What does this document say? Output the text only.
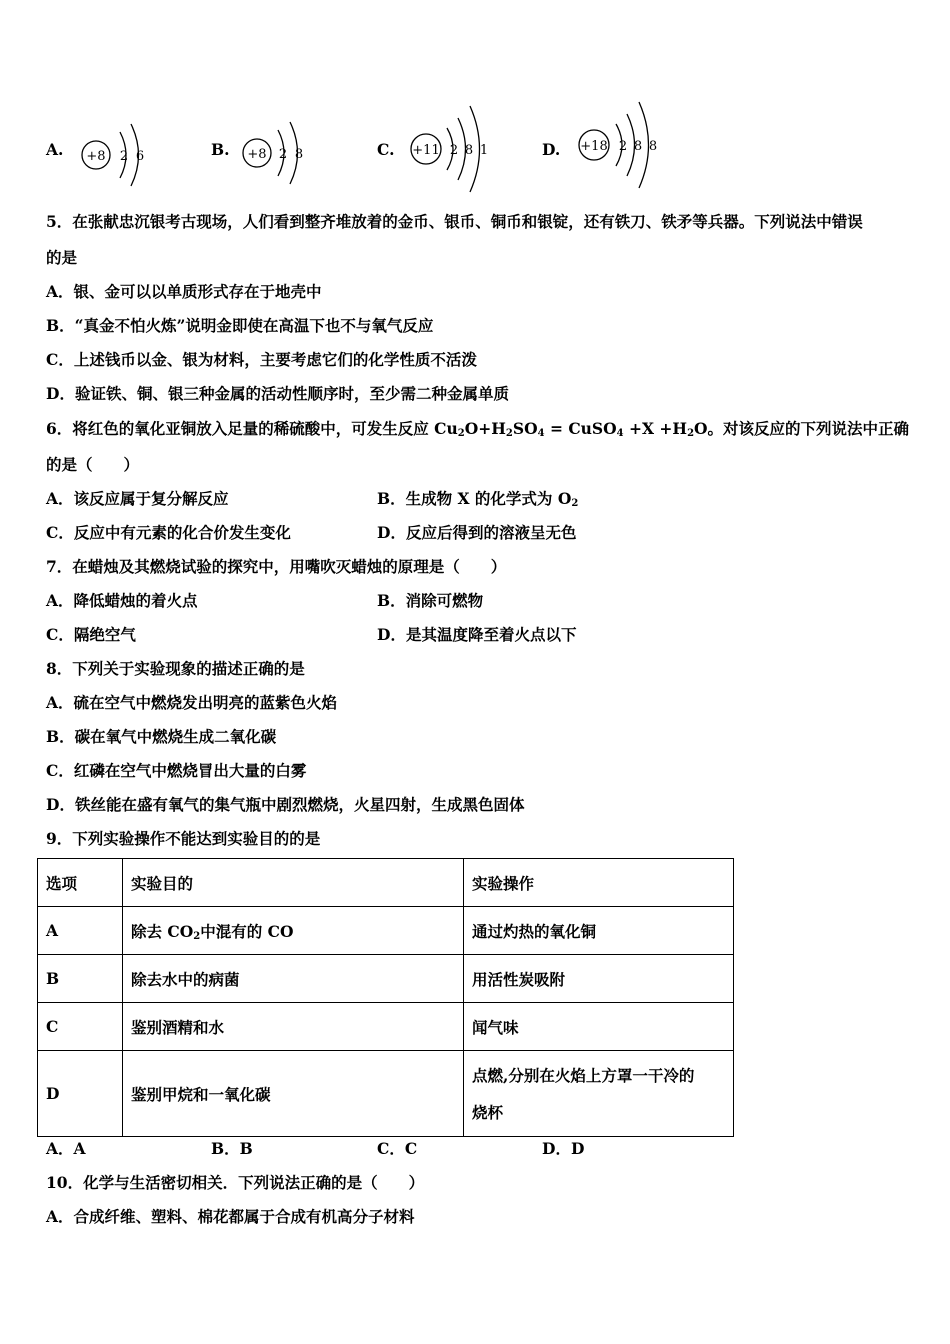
A. +8 2 6	B. +8 2 8	C. +11 2 8 1	D. +18 2 8 8
5．在张献忠沉银考古现场，人们看到整齐堆放着的金币、银币、铜币和银锭，还有铁刀、铁矛等兵器。下列说法中错误
的是
A．银、金可以以单质形式存在于地壳中
B．“真金不怕火炼”说明金即使在高温下也不与氧气反应
C．上述钱币以金、银为材料，主要考虑它们的化学性质不活泼
D．验证铁、铜、银三种金属的活动性顺序时，至少需二种金属单质
6．将红色的氧化亚铜放入足量的稀硫酸中，可发生反应 $Cu_2O+H_2SO_4$ = CuSO$_4$ $+X +H_2O$。对该反应的下列说法中正确
的是（　　）
A．该反应属于复分解反应	B．生成物 X 的化学式为 $O_2$
C．反应中有元素的化合价发生变化	D．反应后得到的溶液呈无色
7．在蜡烛及其燃烧试验的探究中，用嘴吹灭蜡烛的原理是（　　）
A．降低蜡烛的着火点	B．消除可燃物
C．隔绝空气	D．是其温度降至着火点以下
8．下列关于实验现象的描述正确的是
A．硫在空气中燃烧发出明亮的蓝紫色火焰
B．碳在氧气中燃烧生成二氧化碳
C．红磷在空气中燃烧冒出大量的白雾
D．铁丝能在盛有氧气的集气瓶中剧烈燃烧，火星四射，生成黑色固体
9．下列实验操作不能达到实验目的的是
选项	实验目的	实验操作
A	除去 $CO_2$中混有的 CO	通过灼热的氧化铜
B	除去水中的病菌	用活性炭吸附
C	鉴别酒精和水	闻气味
D	鉴别甲烷和一氧化碳	点燃,分别在火焰上方罩一干冷的
烧杯
A．A	B．B	C．C	D．D
10．化学与生活密切相关．下列说法正确的是（　　）
A．合成纤维、塑料、棉花都属于合成有机高分子材料
